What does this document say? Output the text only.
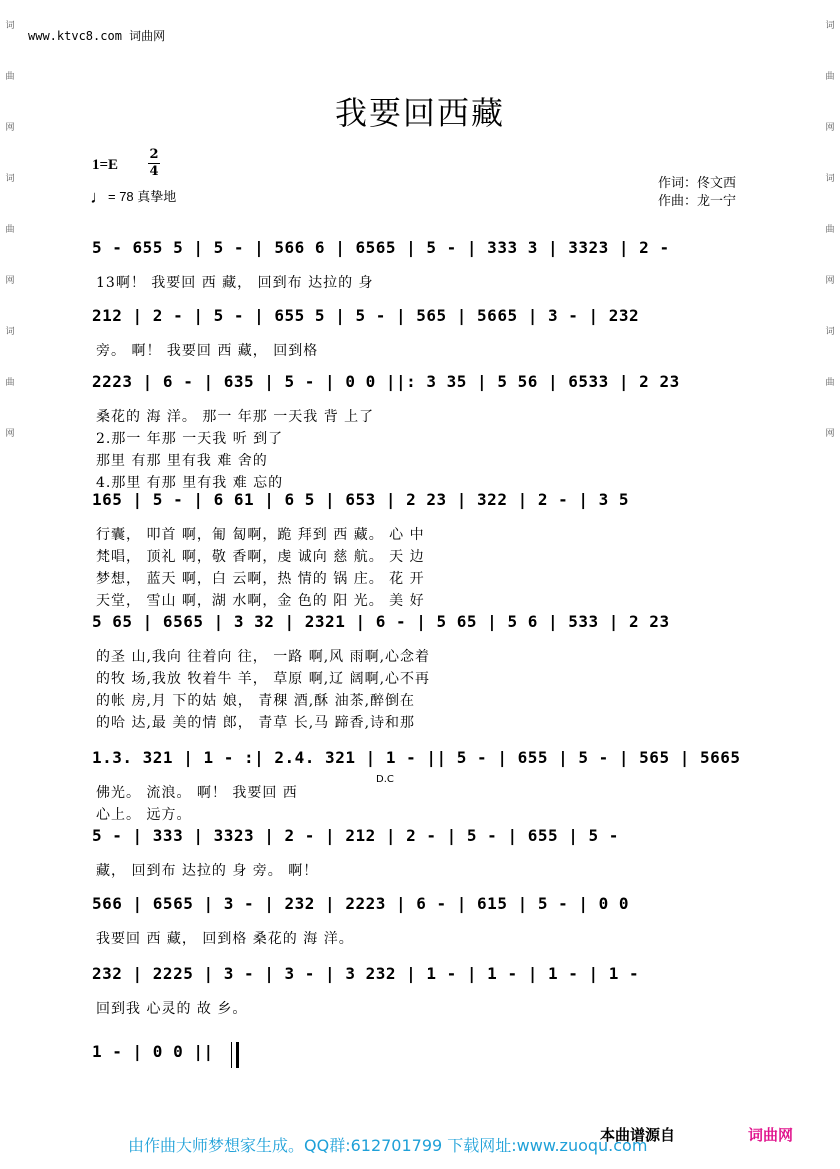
词
曲
网
词
曲
网
词
曲
网
词
曲
网
词
曲
网
词
曲
网
www.ktvc8.com 词曲网
我要回西藏
1=E
2
4
♩= 78 真挚地
作词：佟文西
作曲：龙一宁
5 - 655 5 | 5 - | 566 6 | 6565 | 5 - | 333 3 | 3323 | 2 -
13啊！ 我要回 西 藏， 回到布 达拉的 身
212 | 2 - | 5 - | 655 5 | 5 - | 565 | 5665 | 3 - | 232
旁。 啊！ 我要回 西 藏， 回到格
2223 | 6 - | 635 | 5 - | 0 0 ||: 3 35 | 5 56 | 6533 | 2 23
桑花的 海 洋。 那一 年那 一天我 背 上了
2.那一 年那 一天我 听 到了
那里 有那 里有我 难 舍的
4.那里 有那 里有我 难 忘的
165 | 5 - | 6 61 | 6 5 | 653 | 2 23 | 322 | 2 - | 3 5
行囊， 叩首 啊，匍 匐啊，跪 拜到 西 藏。 心 中
梵唱， 顶礼 啊，敬 香啊，虔 诚向 慈 航。 天 边
梦想， 蓝天 啊，白 云啊，热 情的 锅 庄。 花 开
天堂， 雪山 啊，湖 水啊，金 色的 阳 光。 美 好
5 65 | 6565 | 3 32 | 2321 | 6 - | 5 65 | 5 6 | 533 | 2 23
的圣 山,我向 往着向 往， 一路 啊,风 雨啊,心念着
的牧 场,我放 牧着牛 羊， 草原 啊,辽 阔啊,心不再
的帐 房,月 下的姑 娘， 青稞 酒,酥 油茶,醉倒在
的哈 达,最 美的情 郎， 青草 长,马 蹄香,诗和那
1.3. 321 | 1 - :| 2.4. 321 | 1 - || 5 - | 655 | 5 - | 565 | 5665
佛光。 流浪。 啊！ 我要回 西
心上。 远方。
5 - | 333 | 3323 | 2 - | 212 | 2 - | 5 - | 655 | 5 -
藏， 回到布 达拉的 身 旁。 啊！
566 | 6565 | 3 - | 232 | 2223 | 6 - | 615 | 5 - | 0 0
我要回 西 藏， 回到格 桑花的 海 洋。
232 | 2225 | 3 - | 3 - | 3 232 | 1 - | 1 - | 1 - | 1 -
回到我 心灵的 故 乡。
1 - | 0 0 ||
D.C
由作曲大师梦想家生成。QQ群:612701799 下载网址:www.zuoqu.com
本曲谱源自	词曲网
